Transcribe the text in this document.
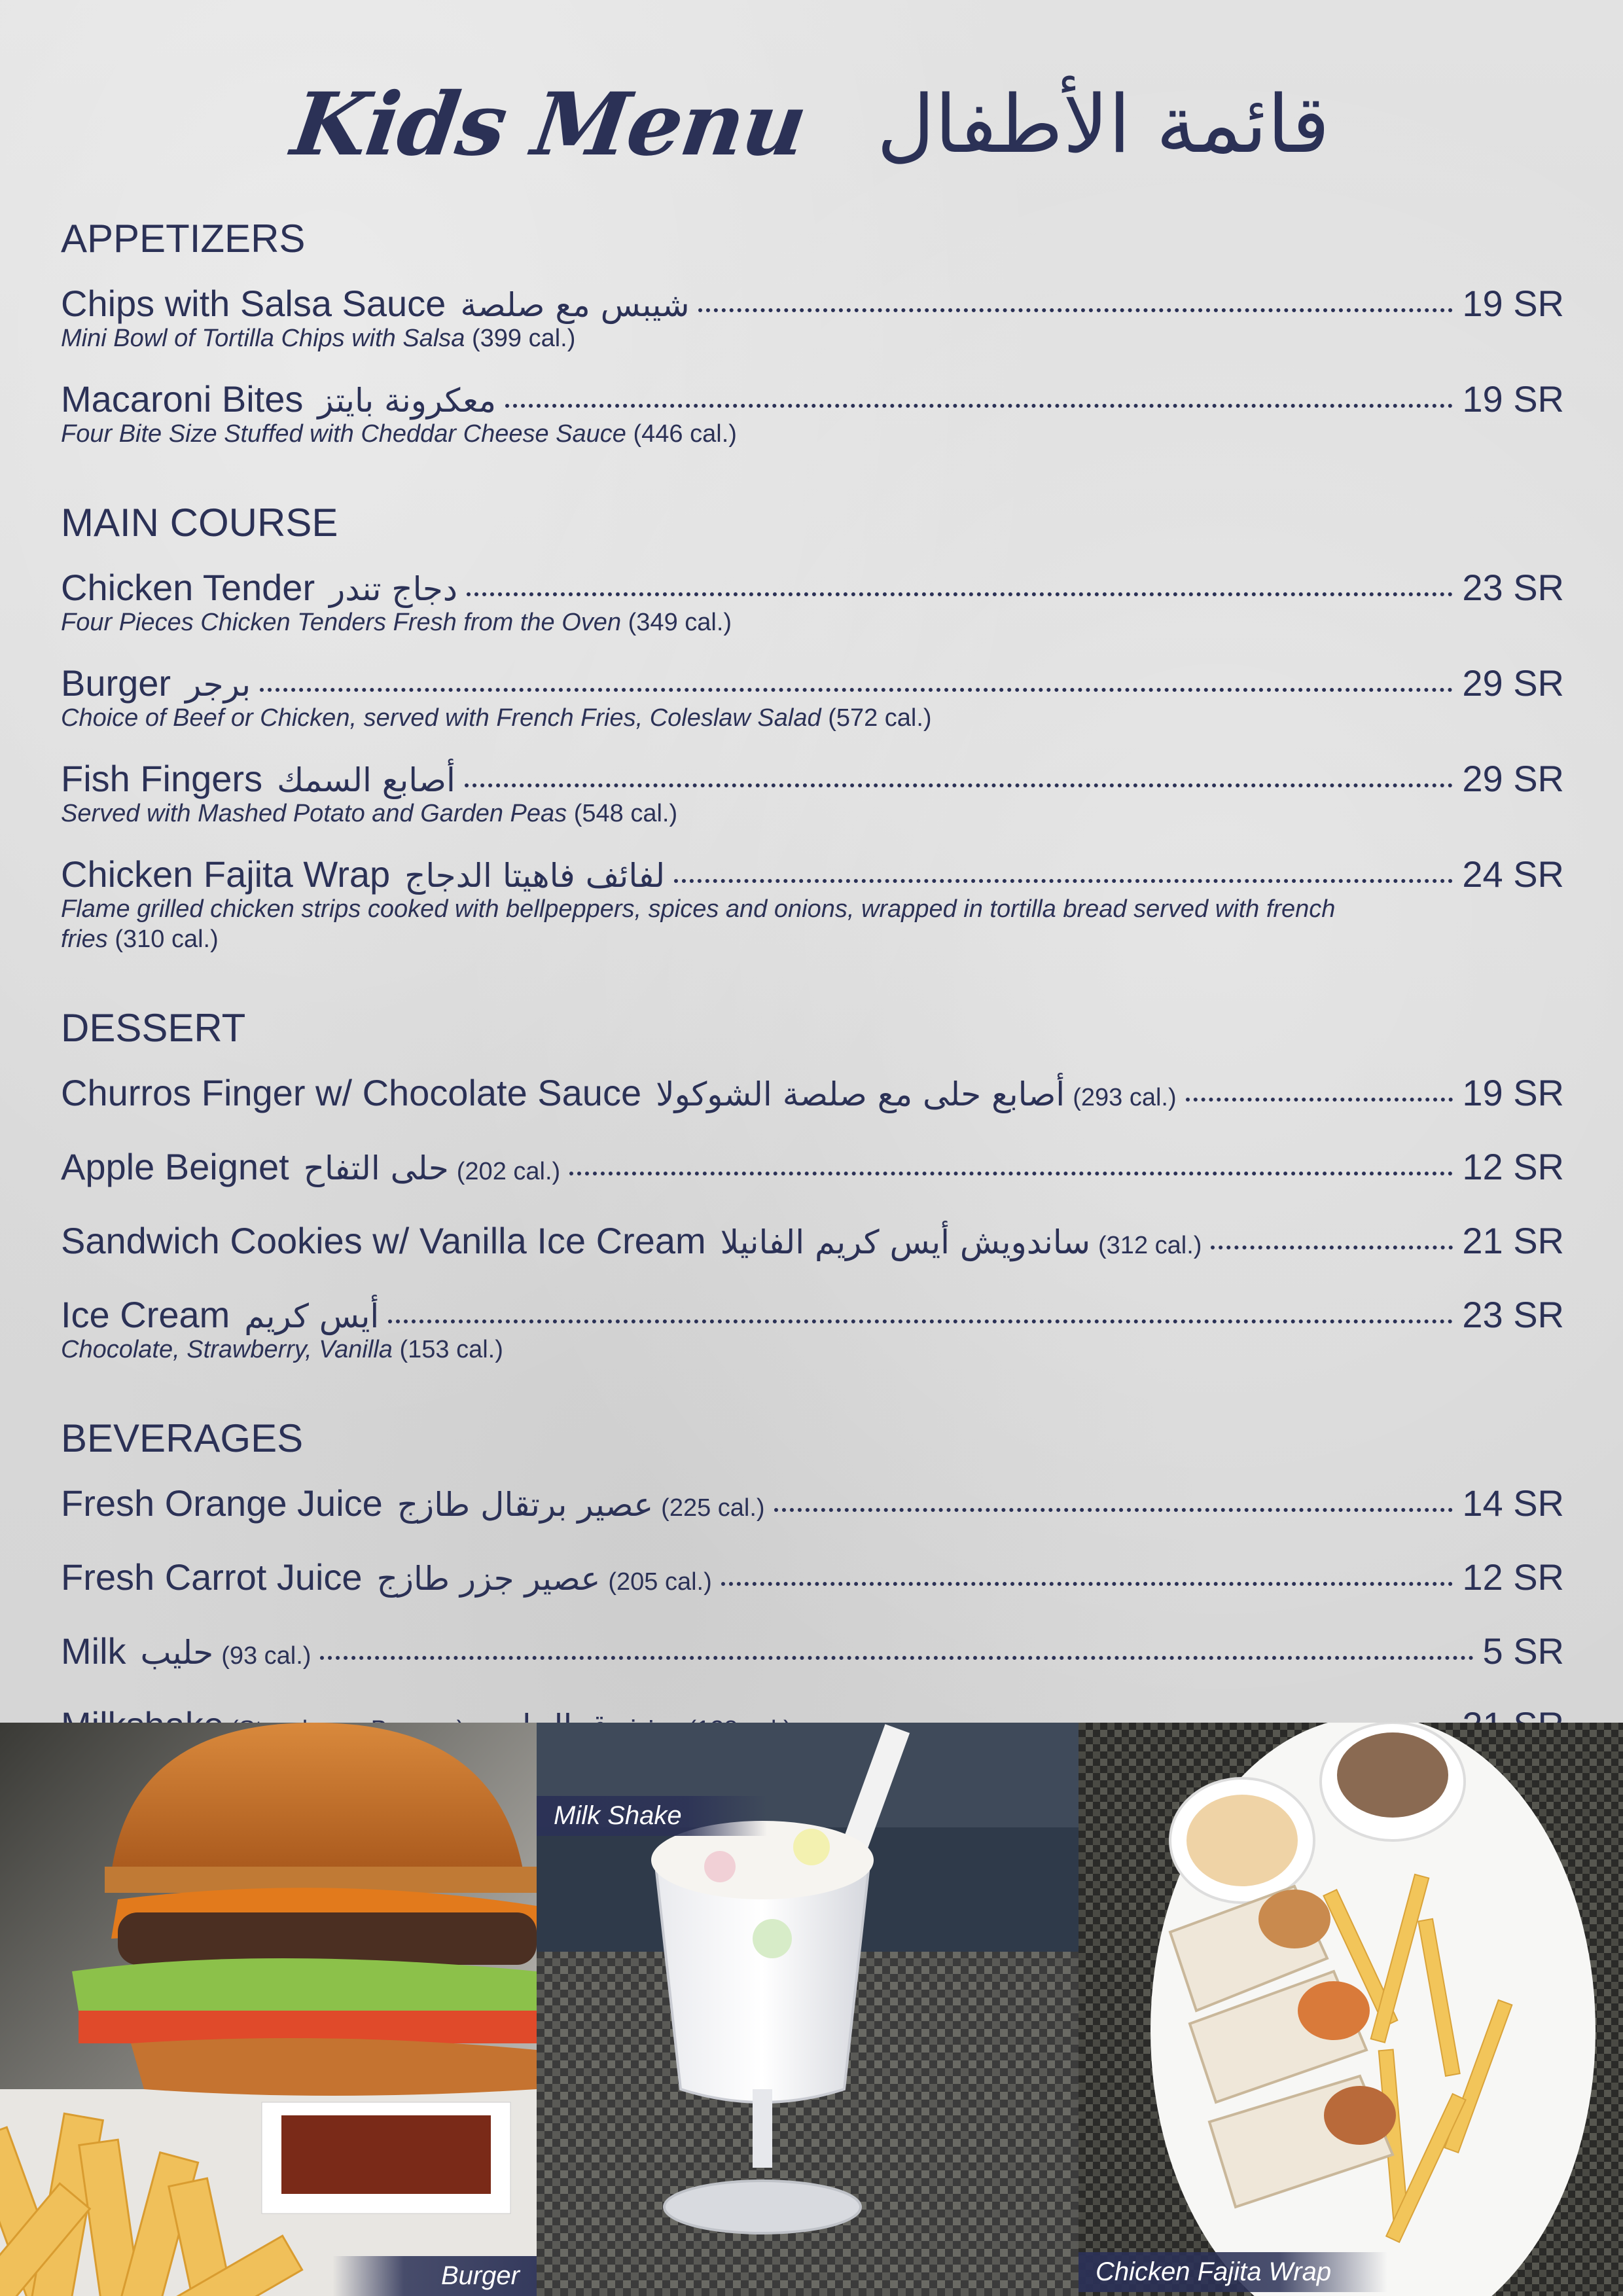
Kids Menu قائمة الأطفال
APPETIZERS
Chips with Salsa Sauce شيبس مع صلصة	19 SR
Mini Bowl of Tortilla Chips with Salsa (399 cal.)
Macaroni Bites معكرونة بايتز	19 SR
Four Bite Size Stuffed with Cheddar Cheese Sauce (446 cal.)
MAIN COURSE
Chicken Tender دجاج تندر	23 SR
Four Pieces Chicken Tenders Fresh from the Oven (349 cal.)
Burger برجر	29 SR
Choice of Beef or Chicken, served with French Fries, Coleslaw Salad (572 cal.)
Fish Fingers أصابع السمك	29 SR
Served with Mashed Potato and Garden Peas (548 cal.)
Chicken Fajita Wrap لفائف فاهيتا الدجاج	24 SR
Flame grilled chicken strips cooked with bellpeppers, spices and onions, wrapped in tortilla bread served with french fries (310 cal.)
DESSERT
Churros Finger w/ Chocolate Sauce أصابع حلى مع صلصة الشوكولا (293 cal.)	19 SR
Apple Beignet حلى التفاح (202 cal.)	12 SR
Sandwich Cookies w/ Vanilla Ice Cream ساندويش أيس كريم الفانيلا (312 cal.)	21 SR
Ice Cream أيس كريم	23 SR
Chocolate, Strawberry, Vanilla (153 cal.)
BEVERAGES
Fresh Orange Juice عصير برتقال طازج (225 cal.)	14 SR
Fresh Carrot Juice عصير جزر طازج (205 cal.)	12 SR
Milk حليب (93 cal.)	5 SR
Burger
Milk Shake
Chicken Fajita Wrap
